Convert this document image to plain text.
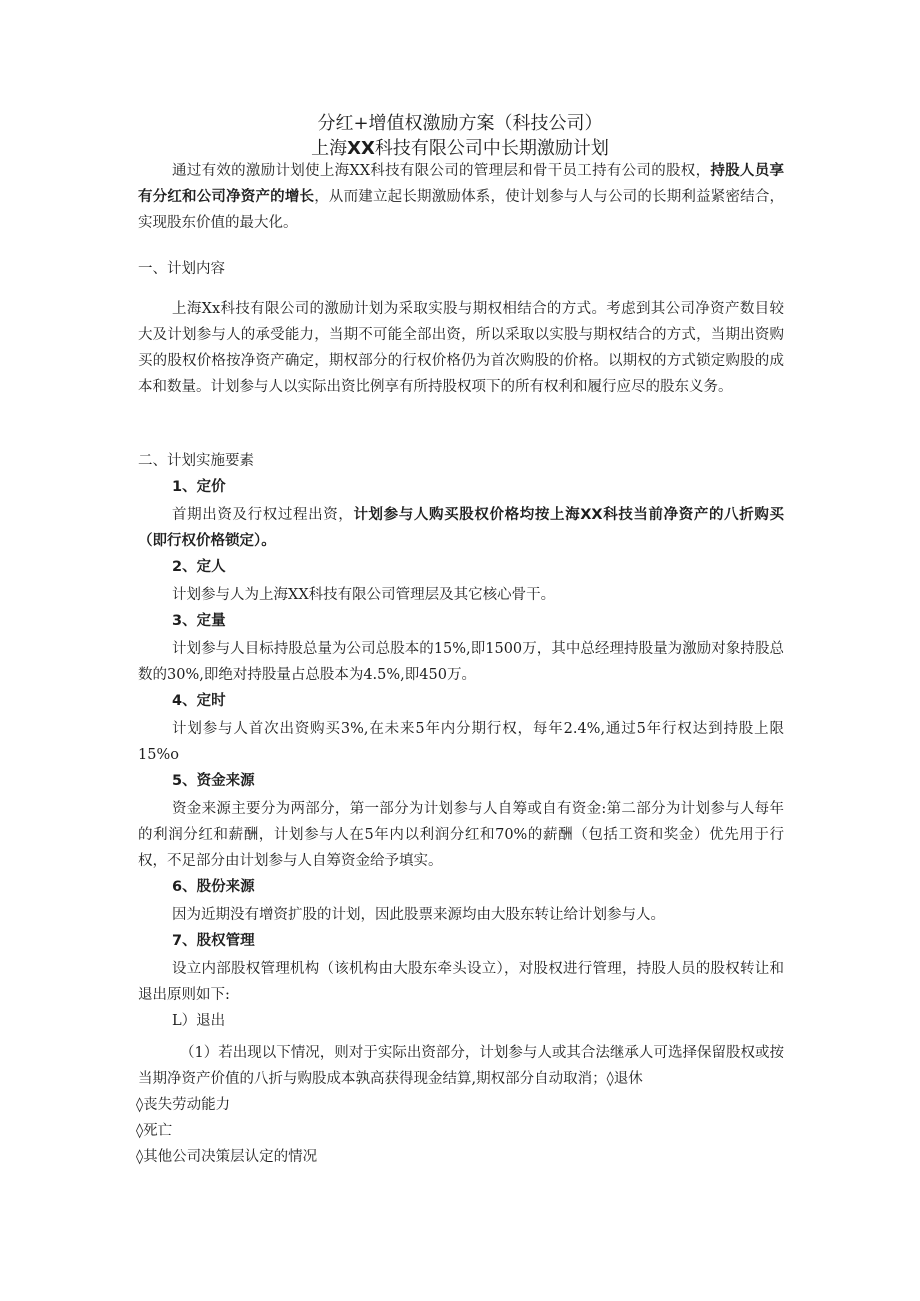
分红+增值权激励方案（科技公司）
上海XX科技有限公司中长期激励计划

通过有效的激励计划使上海XX科技有限公司的管理层和骨干员工持有公司的股权，持股人员享有分红和公司净资产的增长，从而建立起长期激励体系，使计划参与人与公司的长期利益紧密结合，实现股东价值的最大化。

一、计划内容

上海Xx科技有限公司的激励计划为采取实股与期权相结合的方式。考虑到其公司净资产数目较大及计划参与人的承受能力，当期不可能全部出资，所以采取以实股与期权结合的方式，当期出资购买的股权价格按净资产确定，期权部分的行权价格仍为首次购股的价格。以期权的方式锁定购股的成本和数量。计划参与人以实际出资比例享有所持股权项下的所有权利和履行应尽的股东义务。

二、计划实施要素

1、定价

首期出资及行权过程出资，计划参与人购买股权价格均按上海XX科技当前净资产的八折购买（即行权价格锁定）。

2、定人

计划参与人为上海XX科技有限公司管理层及其它核心骨干。

3、定量

计划参与人目标持股总量为公司总股本的15%,即1500万，其中总经理持股量为激励对象持股总数的30%,即绝对持股量占总股本为4.5%,即450万。

4、定时

计划参与人首次出资购买3%,在未来5年内分期行权，每年2.4%,通过5年行权达到持股上限15%o

5、资金来源

资金来源主要分为两部分，第一部分为计划参与人自筹或自有资金:第二部分为计划参与人每年的利润分红和薪酬，计划参与人在5年内以利润分红和70%的薪酬（包括工资和奖金）优先用于行权，不足部分由计划参与人自筹资金给予填实。

6、股份来源

因为近期没有增资扩股的计划，因此股票来源均由大股东转让给计划参与人。

7、股权管理

设立内部股权管理机构（该机构由大股东牵头设立），对股权进行管理，持股人员的股权转让和退出原则如下:

L）退出

（1）若出现以下情况，则对于实际出资部分，计划参与人或其合法继承人可选择保留股权或按当期净资产价值的八折与购股成本孰高获得现金结算,期权部分自动取消；◊退休

◊丧失劳动能力

◊死亡

◊其他公司决策层认定的情况
